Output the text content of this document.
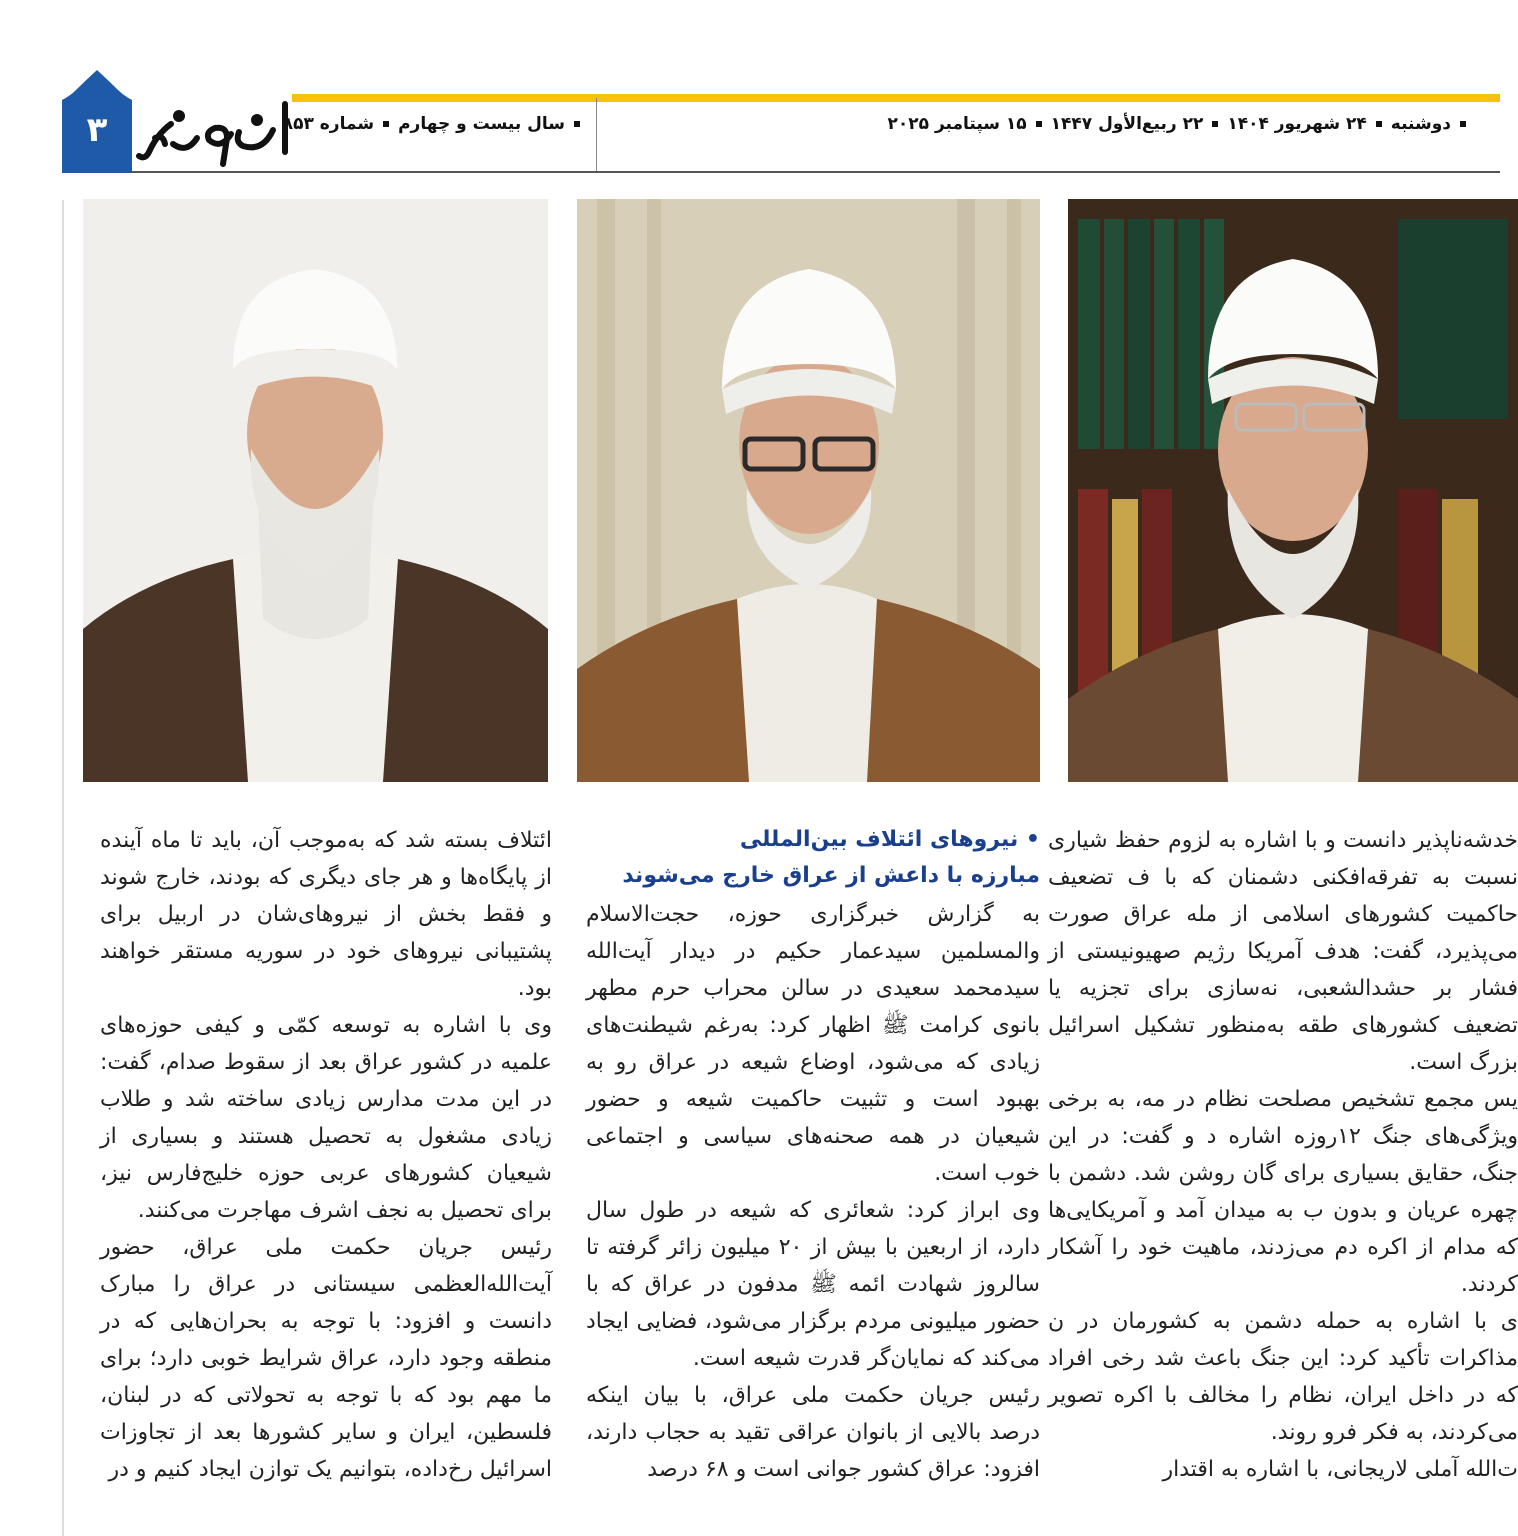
۳	دوشنبه۲۴ شهریور ۱۴۰۴۲۲ ربیع‌الأول ۱۴۴۷۱۵ سپتامبر ۲۰۲۵
سال بیست و چهارمشماره ۸۵۳

خدشه‌ناپذیر دانست و با اشاره به لزوم حفظ شیاری نسبت به تفرقه‌افکنی دشمنان که با ف تضعیف حاکمیت کشورهای اسلامی از مله عراق صورت می‌پذیرد، گفت: هدف آمریکا رژیم صهیونیستی از فشار بر حشدالشعبی، نه‌سازی برای تجزیه یا تضعیف کشورهای طقه به‌منظور تشکیل اسرائیل بزرگ است.

یس مجمع تشخیص مصلحت نظام در مه، به برخی ویژگی‌های جنگ ۱۲روزه اشاره د و گفت: در این جنگ، حقایق بسیاری برای گان روشن شد. دشمن با چهره عریان و بدون ب به میدان آمد و آمریکایی‌ها که مدام از اکره دم می‌زدند، ماهیت خود را آشکار کردند.

ی با اشاره به حمله دشمن به کشورمان در ن مذاکرات تأکید کرد: این جنگ باعث شد رخی افراد که در داخل ایران، نظام را مخالف با اکره تصویر می‌کردند، به فکر فرو روند.

ت‌الله آملی لاریجانی، با اشاره به اقتدار

• نیروهای ائتلاف بین‌المللی
مبارزه با داعش از عراق خارج می‌شوند

به گزارش خبرگزاری حوزه، حجت‌الاسلام والمسلمین سیدعمار حکیم در دیدار آیت‌الله سیدمحمد سعیدی در سالن محراب حرم مطهر بانوی کرامت ﷺ اظهار کرد: به‌رغم شیطنت‌های زیادی که می‌شود، اوضاع شیعه در عراق رو به بهبود است و تثبیت حاکمیت شیعه و حضور شیعیان در همه صحنه‌های سیاسی و اجتماعی خوب است.

وی ابراز کرد: شعائری که شیعه در طول سال دارد، از اربعین با بیش از ۲۰ میلیون زائر گرفته تا سالروز شهادت ائمه ﷺ مدفون در عراق که با حضور میلیونی مردم برگزار می‌شود، فضایی ایجاد می‌کند که نمایان‌گر قدرت شیعه است.

رئیس جریان حکمت ملی عراق، با بیان اینکه درصد بالایی از بانوان عراقی تقید به حجاب دارند، افزود: عراق کشور جوانی است و ۶۸ درصد

ائتلاف بسته شد که به‌موجب آن، باید تا ماه آینده از پایگاه‌ها و هر جای دیگری که بودند، خارج شوند و فقط بخش از نیروهای‌شان در اربیل برای پشتیبانی نیروهای خود در سوریه مستقر خواهند بود.

وی با اشاره به توسعه کمّی و کیفی حوزه‌های علمیه در کشور عراق بعد از سقوط صدام، گفت: در این مدت مدارس زیادی ساخته شد و طلاب زیادی مشغول به تحصیل هستند و بسیاری از شیعیان کشورهای عربی حوزه خلیج‌فارس نیز، برای تحصیل به نجف اشرف مهاجرت می‌کنند.

رئیس جریان حکمت ملی عراق، حضور آیت‌الله‌العظمی سیستانی در عراق را مبارک دانست و افزود: با توجه به بحران‌هایی که در منطقه وجود دارد، عراق شرایط خوبی دارد؛ برای ما مهم بود که با توجه به تحولاتی که در لبنان، فلسطین، ایران و سایر کشورها بعد از تجاوزات اسرائیل رخ‌داده، بتوانیم یک توازن ایجاد کنیم و در
